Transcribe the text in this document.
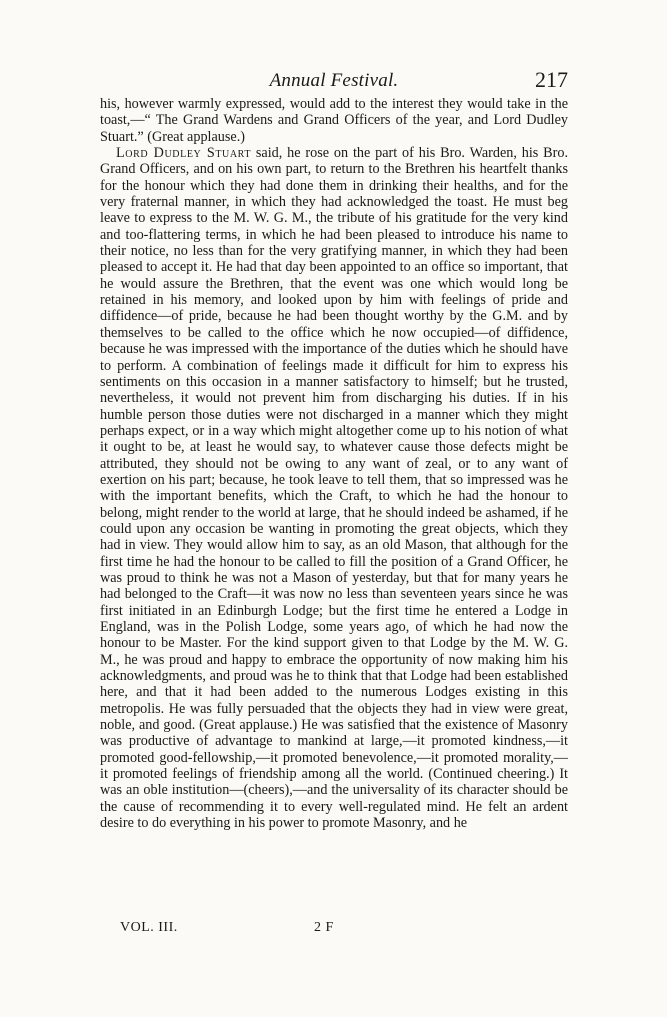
Annual Festival.	217

his, however warmly expressed, would add to the interest they would take in the toast,—“ The Grand Wardens and Grand Officers of the year, and Lord Dudley Stuart.” (Great applause.)

Lord Dudley Stuart said, he rose on the part of his Bro. Warden, his Bro. Grand Officers, and on his own part, to return to the Brethren his heartfelt thanks for the honour which they had done them in drinking their healths, and for the very fraternal manner, in which they had acknowledged the toast. He must beg leave to express to the M. W. G. M., the tribute of his gratitude for the very kind and too-flattering terms, in which he had been pleased to introduce his name to their notice, no less than for the very gratifying manner, in which they had been pleased to accept it. He had that day been appointed to an office so important, that he would assure the Brethren, that the event was one which would long be retained in his memory, and looked upon by him with feelings of pride and diffidence—of pride, because he had been thought worthy by the G.M. and by themselves to be called to the office which he now occupied—of diffidence, because he was impressed with the importance of the duties which he should have to perform. A combination of feelings made it difficult for him to express his sentiments on this occasion in a manner satisfactory to himself; but he trusted, nevertheless, it would not prevent him from discharging his duties. If in his humble person those duties were not discharged in a manner which they might perhaps expect, or in a way which might altogether come up to his notion of what it ought to be, at least he would say, to whatever cause those defects might be attributed, they should not be owing to any want of zeal, or to any want of exertion on his part; because, he took leave to tell them, that so impressed was he with the important benefits, which the Craft, to which he had the honour to belong, might render to the world at large, that he should indeed be ashamed, if he could upon any occasion be wanting in promoting the great objects, which they had in view. They would allow him to say, as an old Mason, that although for the first time he had the honour to be called to fill the position of a Grand Officer, he was proud to think he was not a Mason of yesterday, but that for many years he had belonged to the Craft—it was now no less than seventeen years since he was first initiated in an Edinburgh Lodge; but the first time he entered a Lodge in England, was in the Polish Lodge, some years ago, of which he had now the honour to be Master. For the kind support given to that Lodge by the M. W. G. M., he was proud and happy to embrace the opportunity of now making him his acknowledgments, and proud was he to think that that Lodge had been established here, and that it had been added to the numerous Lodges existing in this metropolis. He was fully persuaded that the objects they had in view were great, noble, and good. (Great applause.) He was satisfied that the existence of Masonry was productive of advantage to mankind at large,—it promoted kindness,—it promoted good-fellowship,—it promoted benevolence,—it promoted morality,—it promoted feelings of friendship among all the world. (Continued cheering.) It was an oble institution—(cheers),—and the universality of its character should be the cause of recommending it to every well-regulated mind. He felt an ardent desire to do everything in his power to promote Masonry, and he

VOL. III.	2 F
